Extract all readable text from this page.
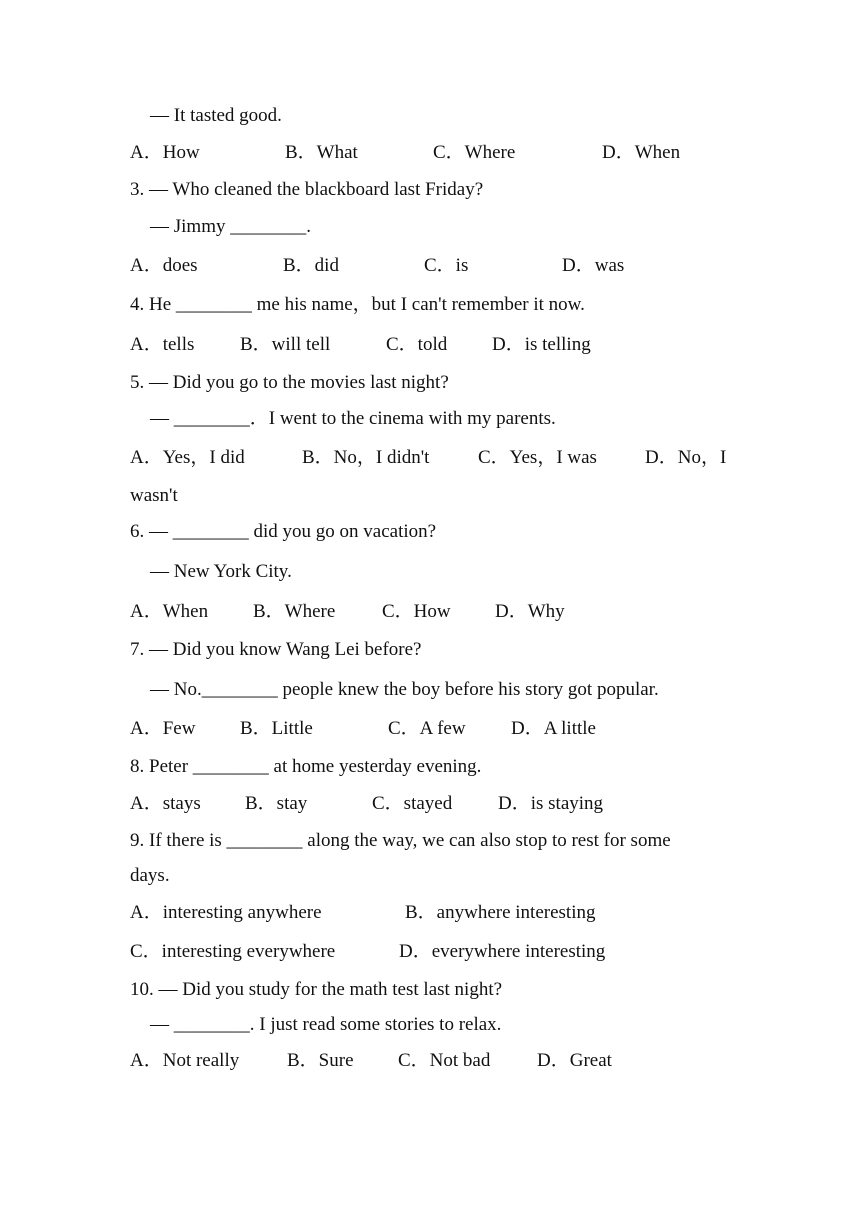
— It tasted good.

A．How

	B．What

	C．Where

	D．When

3. — Who cleaned the blackboard last Friday?
— Jimmy ________.

A．does

	B．did

	C．is

	D．was

4. He ________ me his name，but I can't remember it now.

A．tells

B．will tell

	C．told

D．is telling

5. — Did you go to the movies last night?
— ________．I went to the cinema with my parents.

A．Yes，I did

	B．No，I didn't

	C．Yes，I was

	D．No，I

wasn't
6. — ________ did you go on vacation?
— New York City.

A．When

B．Where

C．How

D．Why

7. — Did you know Wang Lei before?
— No.________ people knew the boy before his story got popular.

A．Few

B．Little

	C．A few

D．A little

8. Peter ________ at home yesterday evening.

A．stays

B．stay

	C．stayed

D．is staying

9. If there is ________ along the way, we can also stop to rest for some
days.

A．interesting anywhere

	B．anywhere interesting

C．interesting everywhere

	D．everywhere interesting

10. — Did you study for the math test last night?
— ________. I just read some stories to relax.

A．Not really

	B．Sure

C．Not bad

D．Great
